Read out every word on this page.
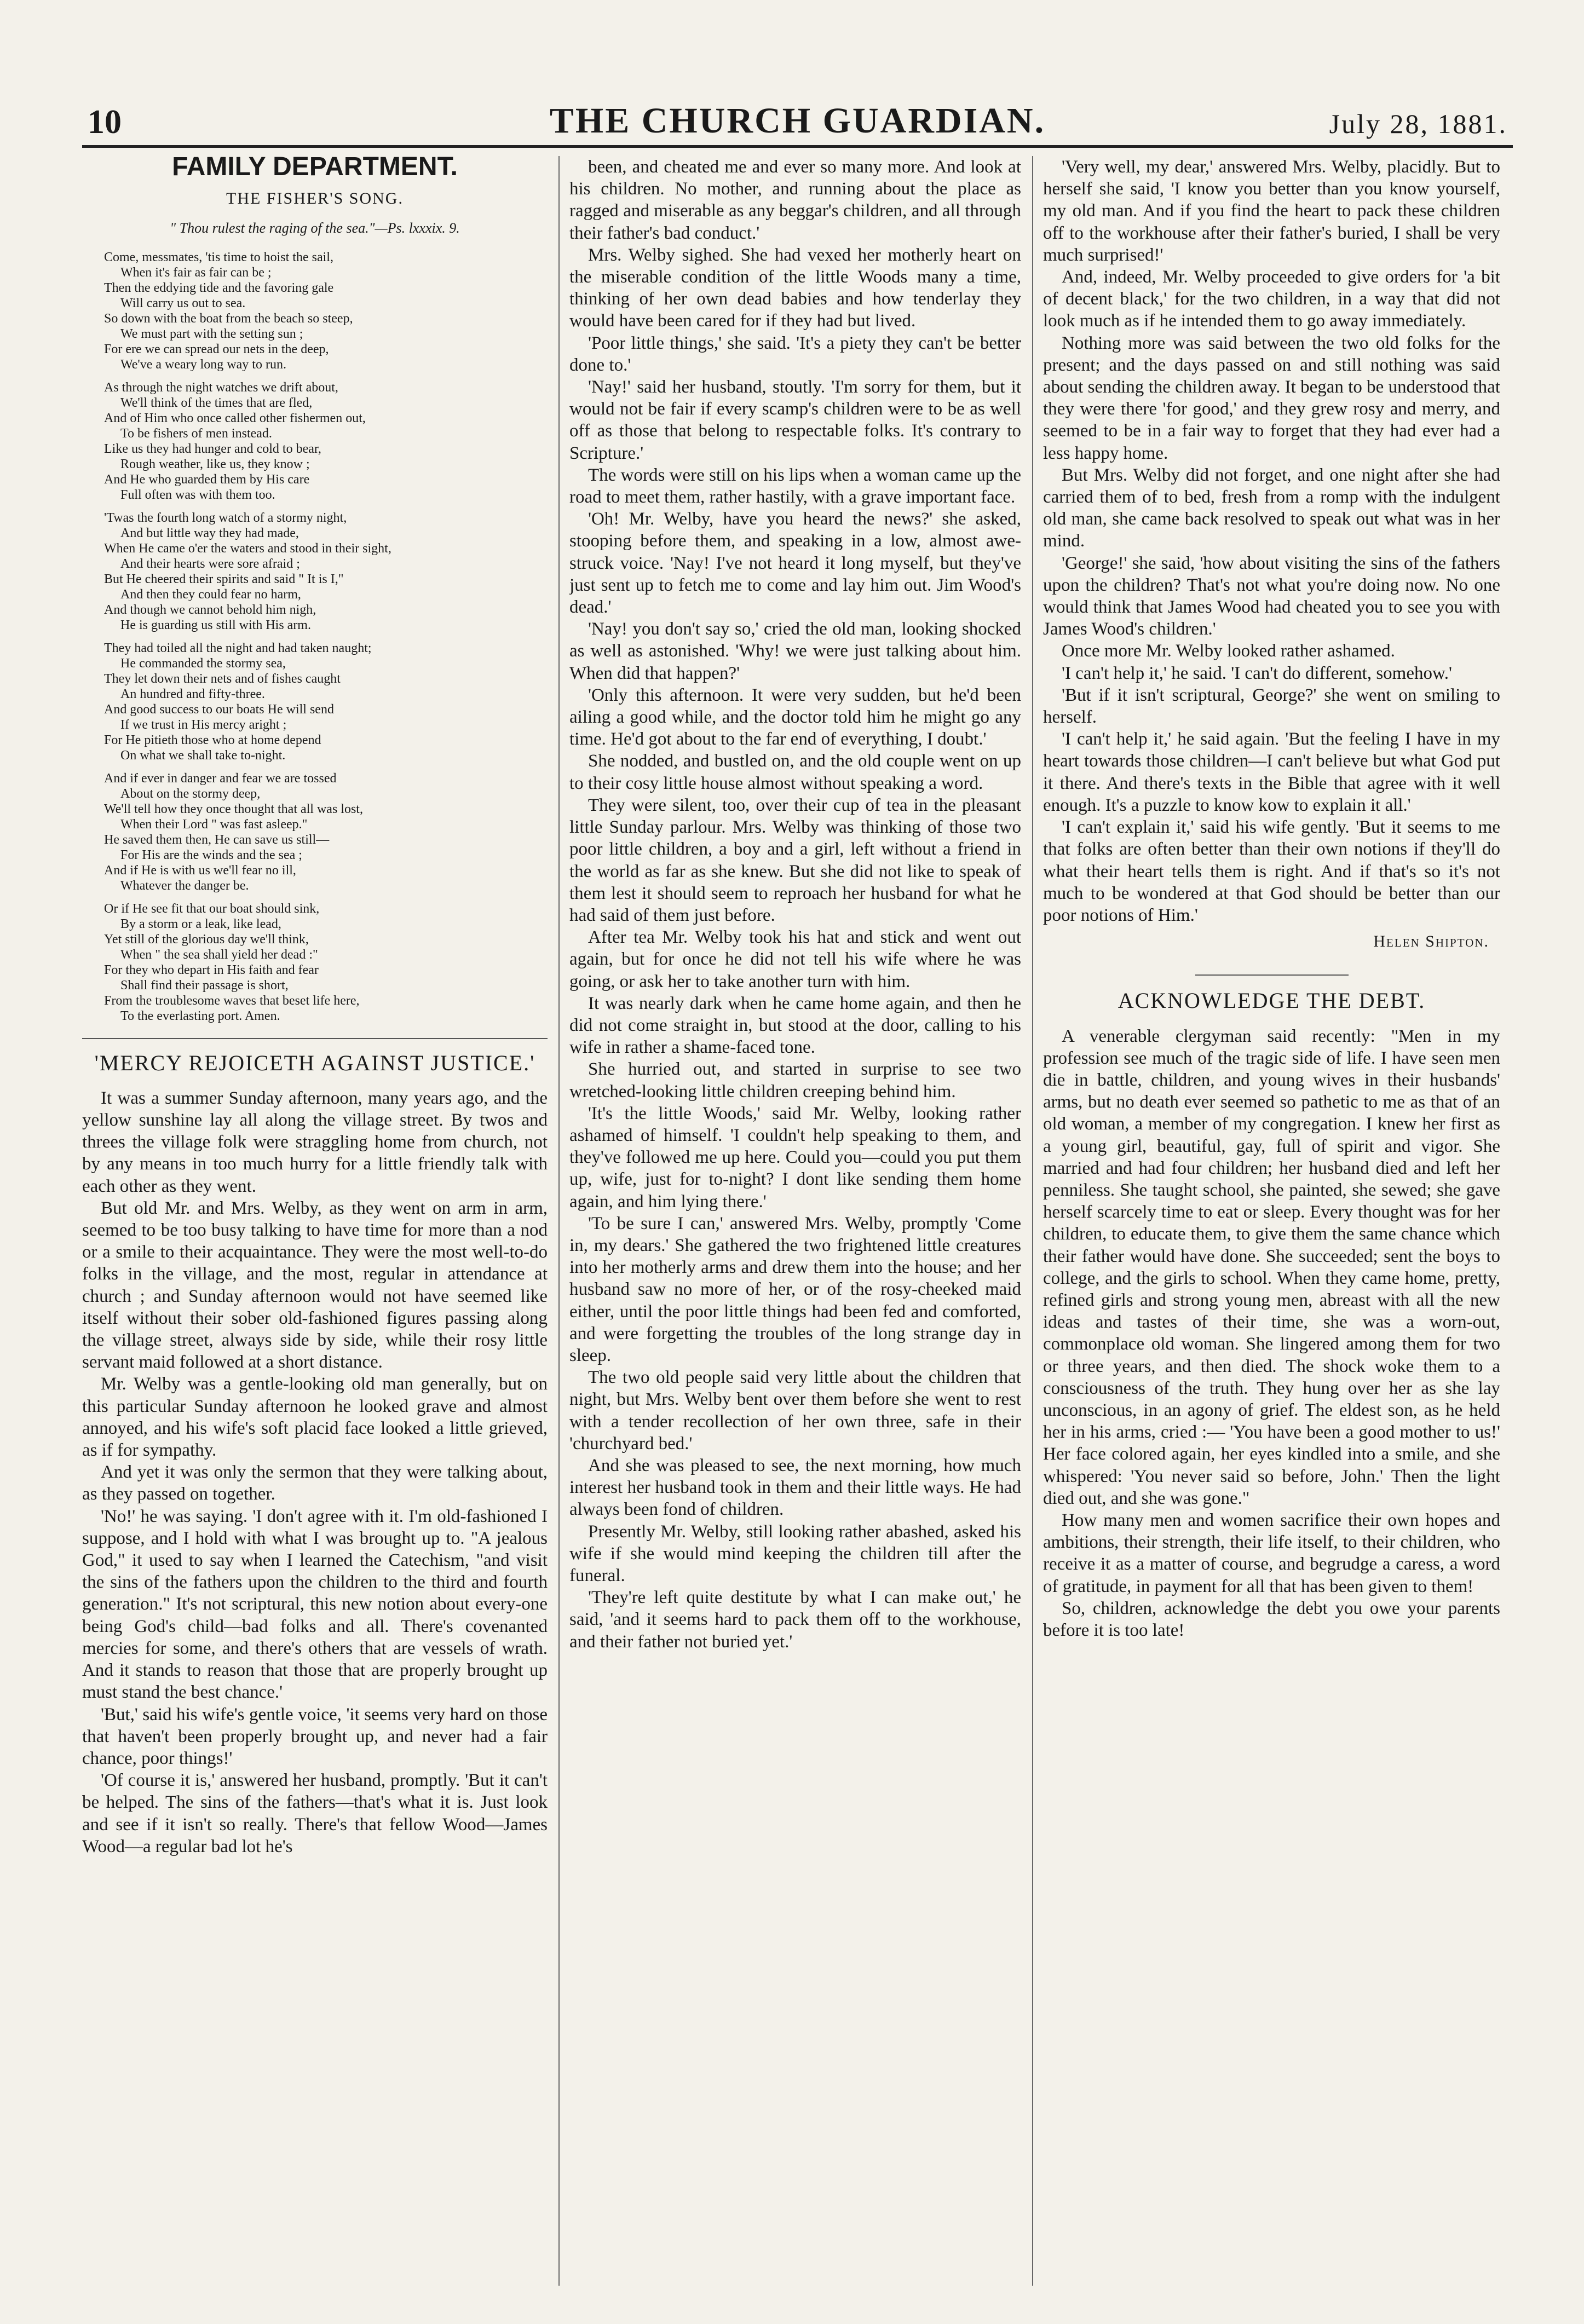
10	THE CHURCH GUARDIAN.	July 28, 1881.
FAMILY DEPARTMENT.
THE FISHER'S SONG.
" Thou rulest the raging of the sea."—Ps. lxxxix. 9.
Come, messmates, 'tis time to hoist the sail,
When it's fair as fair can be ;
Then the eddying tide and the favoring gale
Will carry us out to sea.
So down with the boat from the beach so steep,
We must part with the setting sun ;
For ere we can spread our nets in the deep,
We've a weary long way to run.
As through the night watches we drift about,
We'll think of the times that are fled,
And of Him who once called other fishermen out,
To be fishers of men instead.
Like us they had hunger and cold to bear,
Rough weather, like us, they know ;
And He who guarded them by His care
Full often was with them too.
'Twas the fourth long watch of a stormy night,
And but little way they had made,
When He came o'er the waters and stood in their sight,
And their hearts were sore afraid ;
But He cheered their spirits and said " It is I,"
And then they could fear no harm,
And though we cannot behold him nigh,
He is guarding us still with His arm.
They had toiled all the night and had taken naught;
He commanded the stormy sea,
They let down their nets and of fishes caught
An hundred and fifty-three.
And good success to our boats He will send
If we trust in His mercy aright ;
For He pitieth those who at home depend
On what we shall take to-night.
And if ever in danger and fear we are tossed
About on the stormy deep,
We'll tell how they once thought that all was lost,
When their Lord " was fast asleep."
He saved them then, He can save us still—
For His are the winds and the sea ;
And if He is with us we'll fear no ill,
Whatever the danger be.
Or if He see fit that our boat should sink,
By a storm or a leak, like lead,
Yet still of the glorious day we'll think,
When " the sea shall yield her dead :"
For they who depart in His faith and fear
Shall find their passage is short,
From the troublesome waves that beset life here,
To the everlasting port. Amen.
'MERCY REJOICETH AGAINST JUSTICE.'

It was a summer Sunday afternoon, many years ago, and the yellow sunshine lay all along the village street. By twos and threes the village folk were straggling home from church, not by any means in too much hurry for a little friendly talk with each other as they went.

But old Mr. and Mrs. Welby, as they went on arm in arm, seemed to be too busy talking to have time for more than a nod or a smile to their acquaintance. They were the most well-to-do folks in the village, and the most, regular in attendance at church ; and Sunday afternoon would not have seemed like itself without their sober old-fashioned figures passing along the village street, always side by side, while their rosy little servant maid followed at a short distance.

Mr. Welby was a gentle-looking old man generally, but on this particular Sunday afternoon he looked grave and almost annoyed, and his wife's soft placid face looked a little grieved, as if for sympathy.

And yet it was only the sermon that they were talking about, as they passed on together.

'No!' he was saying. 'I don't agree with it. I'm old-fashioned I suppose, and I hold with what I was brought up to. "A jealous God," it used to say when I learned the Catechism, "and visit the sins of the fathers upon the children to the third and fourth generation." It's not scriptural, this new notion about every-one being God's child—bad folks and all. There's covenanted mercies for some, and there's others that are vessels of wrath. And it stands to reason that those that are properly brought up must stand the best chance.'

'But,' said his wife's gentle voice, 'it seems very hard on those that haven't been properly brought up, and never had a fair chance, poor things!'

'Of course it is,' answered her husband, promptly. 'But it can't be helped. The sins of the fathers—that's what it is. Just look and see if it isn't so really. There's that fellow Wood—James Wood—a regular bad lot he's

been, and cheated me and ever so many more. And look at his children. No mother, and running about the place as ragged and miserable as any beggar's children, and all through their father's bad conduct.'

Mrs. Welby sighed. She had vexed her motherly heart on the miserable condition of the little Woods many a time, thinking of her own dead babies and how tenderlay they would have been cared for if they had but lived.

'Poor little things,' she said. 'It's a piety they can't be better done to.'

'Nay!' said her husband, stoutly. 'I'm sorry for them, but it would not be fair if every scamp's children were to be as well off as those that belong to respectable folks. It's contrary to Scripture.'

The words were still on his lips when a woman came up the road to meet them, rather hastily, with a grave important face.

'Oh! Mr. Welby, have you heard the news?' she asked, stooping before them, and speaking in a low, almost awe-struck voice. 'Nay! I've not heard it long myself, but they've just sent up to fetch me to come and lay him out. Jim Wood's dead.'

'Nay! you don't say so,' cried the old man, looking shocked as well as astonished. 'Why! we were just talking about him. When did that happen?'

'Only this afternoon. It were very sudden, but he'd been ailing a good while, and the doctor told him he might go any time. He'd got about to the far end of everything, I doubt.'

She nodded, and bustled on, and the old couple went on up to their cosy little house almost without speaking a word.

They were silent, too, over their cup of tea in the pleasant little Sunday parlour. Mrs. Welby was thinking of those two poor little children, a boy and a girl, left without a friend in the world as far as she knew. But she did not like to speak of them lest it should seem to reproach her husband for what he had said of them just before.

After tea Mr. Welby took his hat and stick and went out again, but for once he did not tell his wife where he was going, or ask her to take another turn with him.

It was nearly dark when he came home again, and then he did not come straight in, but stood at the door, calling to his wife in rather a shame-faced tone.

She hurried out, and started in surprise to see two wretched-looking little children creeping behind him.

'It's the little Woods,' said Mr. Welby, looking rather ashamed of himself. 'I couldn't help speaking to them, and they've followed me up here. Could you—could you put them up, wife, just for to-night? I dont like sending them home again, and him lying there.'

'To be sure I can,' answered Mrs. Welby, promptly 'Come in, my dears.' She gathered the two frightened little creatures into her motherly arms and drew them into the house; and her husband saw no more of her, or of the rosy-cheeked maid either, until the poor little things had been fed and comforted, and were forgetting the troubles of the long strange day in sleep.

The two old people said very little about the children that night, but Mrs. Welby bent over them before she went to rest with a tender recollection of her own three, safe in their 'churchyard bed.'

And she was pleased to see, the next morning, how much interest her husband took in them and their little ways. He had always been fond of children.

Presently Mr. Welby, still looking rather abashed, asked his wife if she would mind keeping the children till after the funeral.

'They're left quite destitute by what I can make out,' he said, 'and it seems hard to pack them off to the workhouse, and their father not buried yet.'

'Very well, my dear,' answered Mrs. Welby, placidly. But to herself she said, 'I know you better than you know yourself, my old man. And if you find the heart to pack these children off to the workhouse after their father's buried, I shall be very much surprised!'

And, indeed, Mr. Welby proceeded to give orders for 'a bit of decent black,' for the two children, in a way that did not look much as if he intended them to go away immediately.

Nothing more was said between the two old folks for the present; and the days passed on and still nothing was said about sending the children away. It began to be understood that they were there 'for good,' and they grew rosy and merry, and seemed to be in a fair way to forget that they had ever had a less happy home.

But Mrs. Welby did not forget, and one night after she had carried them of to bed, fresh from a romp with the indulgent old man, she came back resolved to speak out what was in her mind.

'George!' she said, 'how about visiting the sins of the fathers upon the children? That's not what you're doing now. No one would think that James Wood had cheated you to see you with James Wood's children.'

Once more Mr. Welby looked rather ashamed.

'I can't help it,' he said. 'I can't do different, somehow.'

'But if it isn't scriptural, George?' she went on smiling to herself.

'I can't help it,' he said again. 'But the feeling I have in my heart towards those children—I can't believe but what God put it there. And there's texts in the Bible that agree with it well enough. It's a puzzle to know kow to explain it all.'

'I can't explain it,' said his wife gently. 'But it seems to me that folks are often better than their own notions if they'll do what their heart tells them is right. And if that's so it's not much to be wondered at that God should be better than our poor notions of Him.'

Helen Shipton.
ACKNOWLEDGE THE DEBT.

A venerable clergyman said recently: "Men in my profession see much of the tragic side of life. I have seen men die in battle, children, and young wives in their husbands' arms, but no death ever seemed so pathetic to me as that of an old woman, a member of my congregation. I knew her first as a young girl, beautiful, gay, full of spirit and vigor. She married and had four children; her husband died and left her penniless. She taught school, she painted, she sewed; she gave herself scarcely time to eat or sleep. Every thought was for her children, to educate them, to give them the same chance which their father would have done. She succeeded; sent the boys to college, and the girls to school. When they came home, pretty, refined girls and strong young men, abreast with all the new ideas and tastes of their time, she was a worn-out, commonplace old woman. She lingered among them for two or three years, and then died. The shock woke them to a consciousness of the truth. They hung over her as she lay unconscious, in an agony of grief. The eldest son, as he held her in his arms, cried :— 'You have been a good mother to us!' Her face colored again, her eyes kindled into a smile, and she whispered: 'You never said so before, John.' Then the light died out, and she was gone."

How many men and women sacrifice their own hopes and ambitions, their strength, their life itself, to their children, who receive it as a matter of course, and begrudge a caress, a word of gratitude, in payment for all that has been given to them!

So, children, acknowledge the debt you owe your parents before it is too late!
